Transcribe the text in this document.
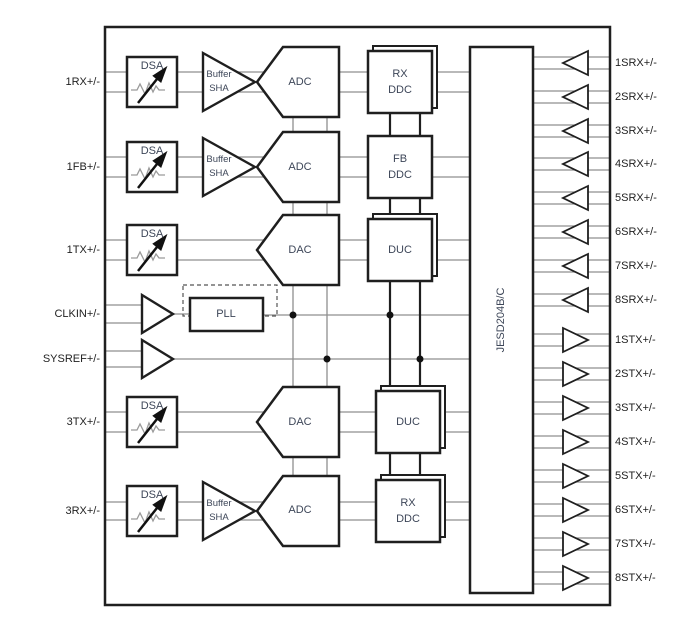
1RX+/-
1FB+/-
1TX+/-
CLKIN+/-
SYSREF+/-
3TX+/-
3RX+/-
1SRX+/-
2SRX+/-
3SRX+/-
4SRX+/-
5SRX+/-
6SRX+/-
7SRX+/-
8SRX+/-
1STX+/-
2STX+/-
3STX+/-
4STX+/-
5STX+/-
6STX+/-
7STX+/-
8STX+/-
DSA
DSA
DSA
DSA
DSA
Buffer
SHA
Buffer
SHA
Buffer
SHA
ADC
ADC
DAC
DAC
ADC
PLL
RX
DDC
FB
DDC
DUC
DUC
RX
DDC
JESD204B/C
